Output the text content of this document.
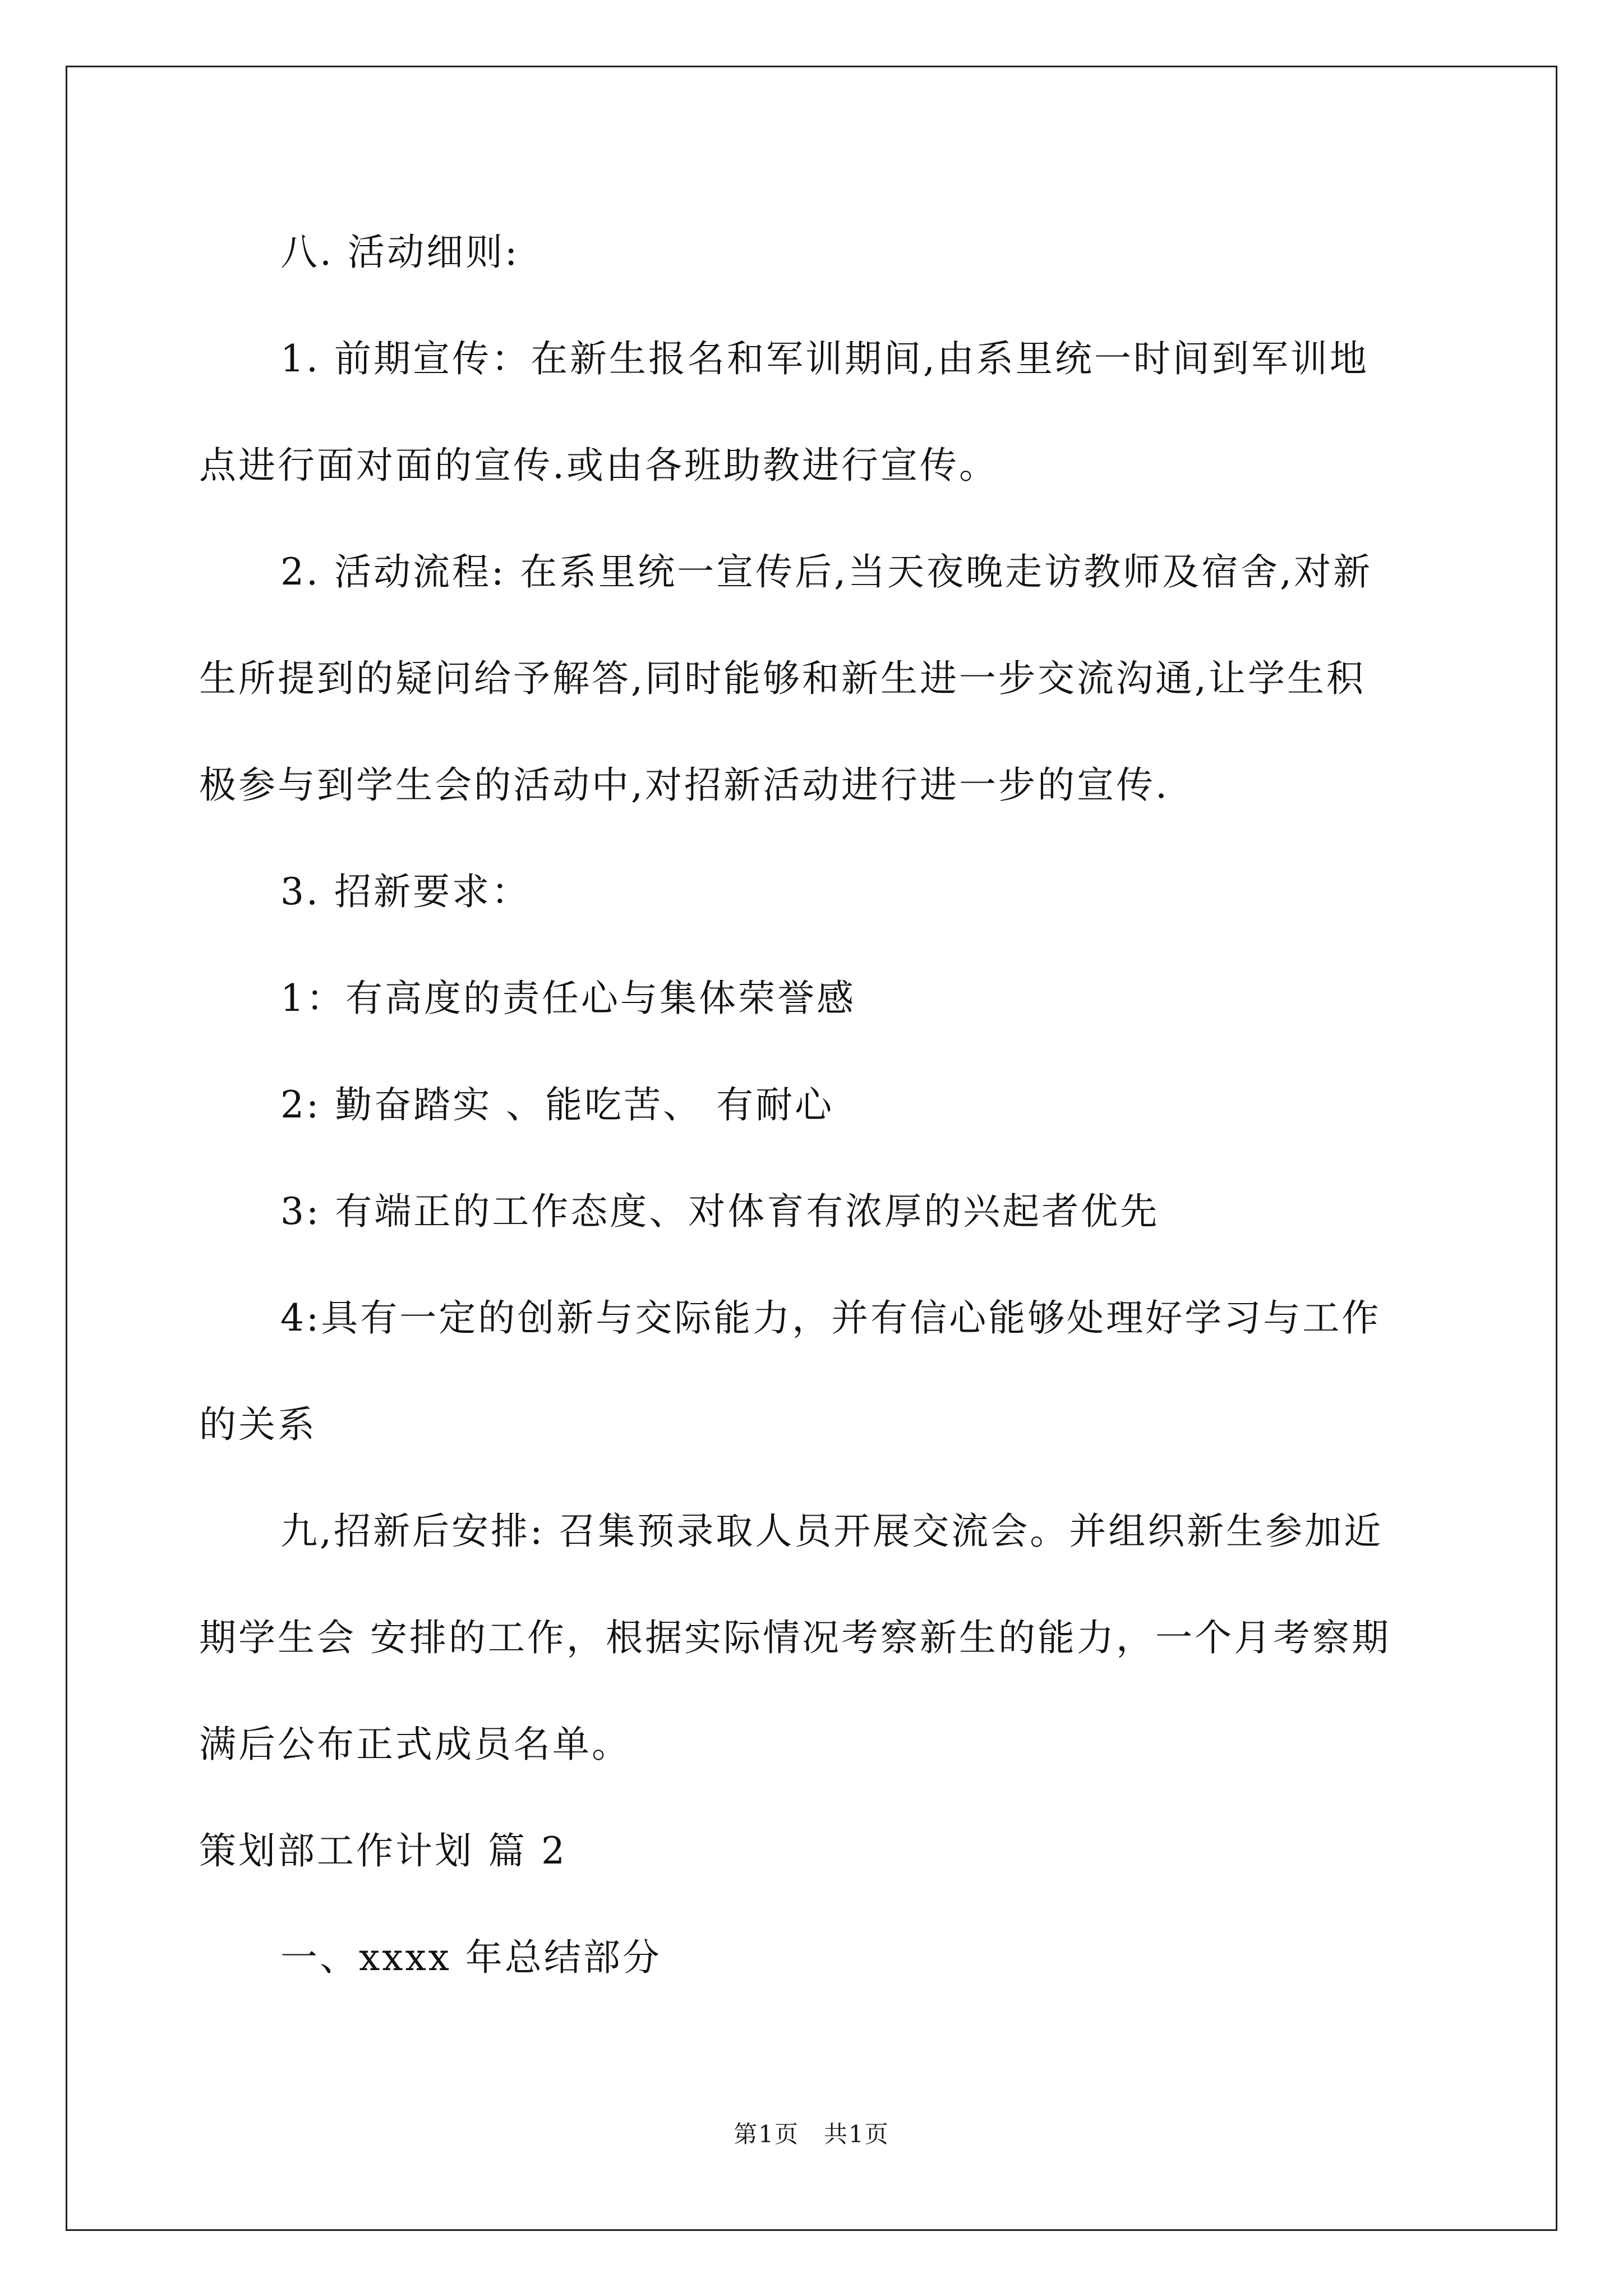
八. 活动细则:
1. 前期宣传：在新生报名和军训期间,由系里统一时间到军训地
点进行面对面的宣传.或由各班助教进行宣传。
2. 活动流程: 在系里统一宣传后,当天夜晚走访教师及宿舍,对新
生所提到的疑问给予解答,同时能够和新生进一步交流沟通,让学生积
极参与到学生会的活动中,对招新活动进行进一步的宣传.
3. 招新要求：
1：有高度的责任心与集体荣誉感
2: 勤奋踏实 、能吃苦、 有耐心
3: 有端正的工作态度、对体育有浓厚的兴起者优先
4:具有一定的创新与交际能力，并有信心能够处理好学习与工作
的关系
九,招新后安排: 召集预录取人员开展交流会。并组织新生参加近
期学生会 安排的工作，根据实际情况考察新生的能力，一个月考察期
满后公布正式成员名单。
策划部工作计划 篇 2
一、xxxx 年总结部分
第1页　共1页
